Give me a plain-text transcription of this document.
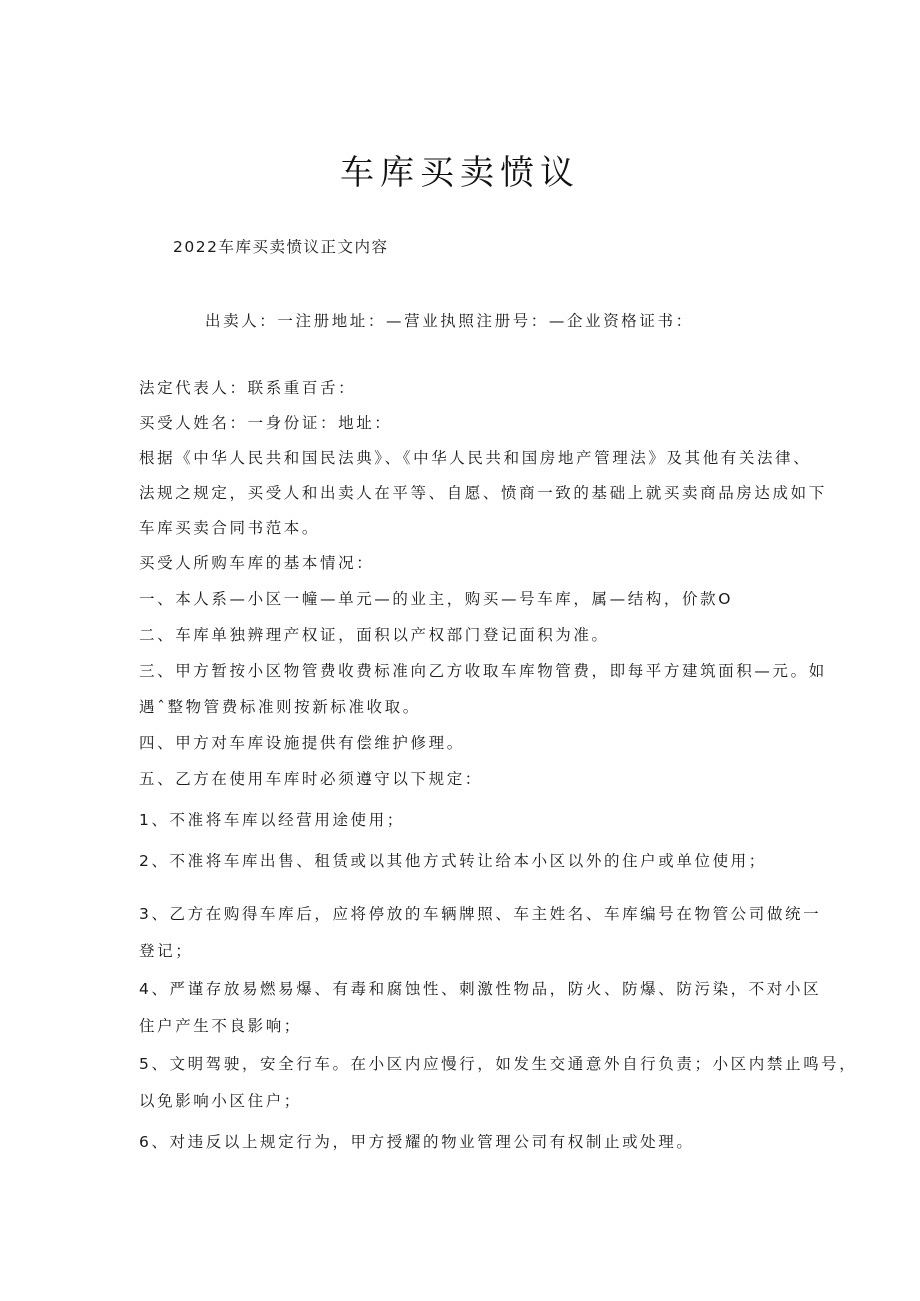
车库买卖愤议
2022车库买卖愤议正文内容
出卖人：一注册地址：—营业执照注册号：—企业资格证书：
法定代表人：联系重百舌：
买受人姓名：一身份证：地址：
根据《中华人民共和国民法典》、《中华人民共和国房地产管理法》及其他有关法律、
法规之规定，买受人和出卖人在平等、自愿、愤商一致的基础上就买卖商品房达成如下
车库买卖合同书范本。
买受人所购车库的基本情况：
一、本人系—小区一幢—单元—的业主，购买—号车库，属—结构，价款O
二、车库单独辨理产权证，面积以产权部门登记面积为准。
三、甲方暂按小区物管费收费标准向乙方收取车库物管费，即每平方建筑面积—元。如
遇ˆ整物管费标准则按新标准收取。
四、甲方对车库设施提供有偿维护修理。
五、乙方在使用车库时必须遵守以下规定：
1、不准将车库以经营用途使用；
2、不准将车库出售、租赁或以其他方式转让给本小区以外的住户或单位使用；
3、乙方在购得车库后，应将停放的车辆牌照、车主姓名、车库编号在物管公司做统一
登记；
4、严谨存放易燃易爆、有毒和腐蚀性、刺激性物品，防火、防爆、防污染，不对小区
住户产生不良影响；
5、文明驾驶，安全行车。在小区内应慢行，如发生交通意外自行负责；小区内禁止鸣号，
以免影响小区住户；
6、对违反以上规定行为，甲方授耀的物业管理公司有权制止或处理。
